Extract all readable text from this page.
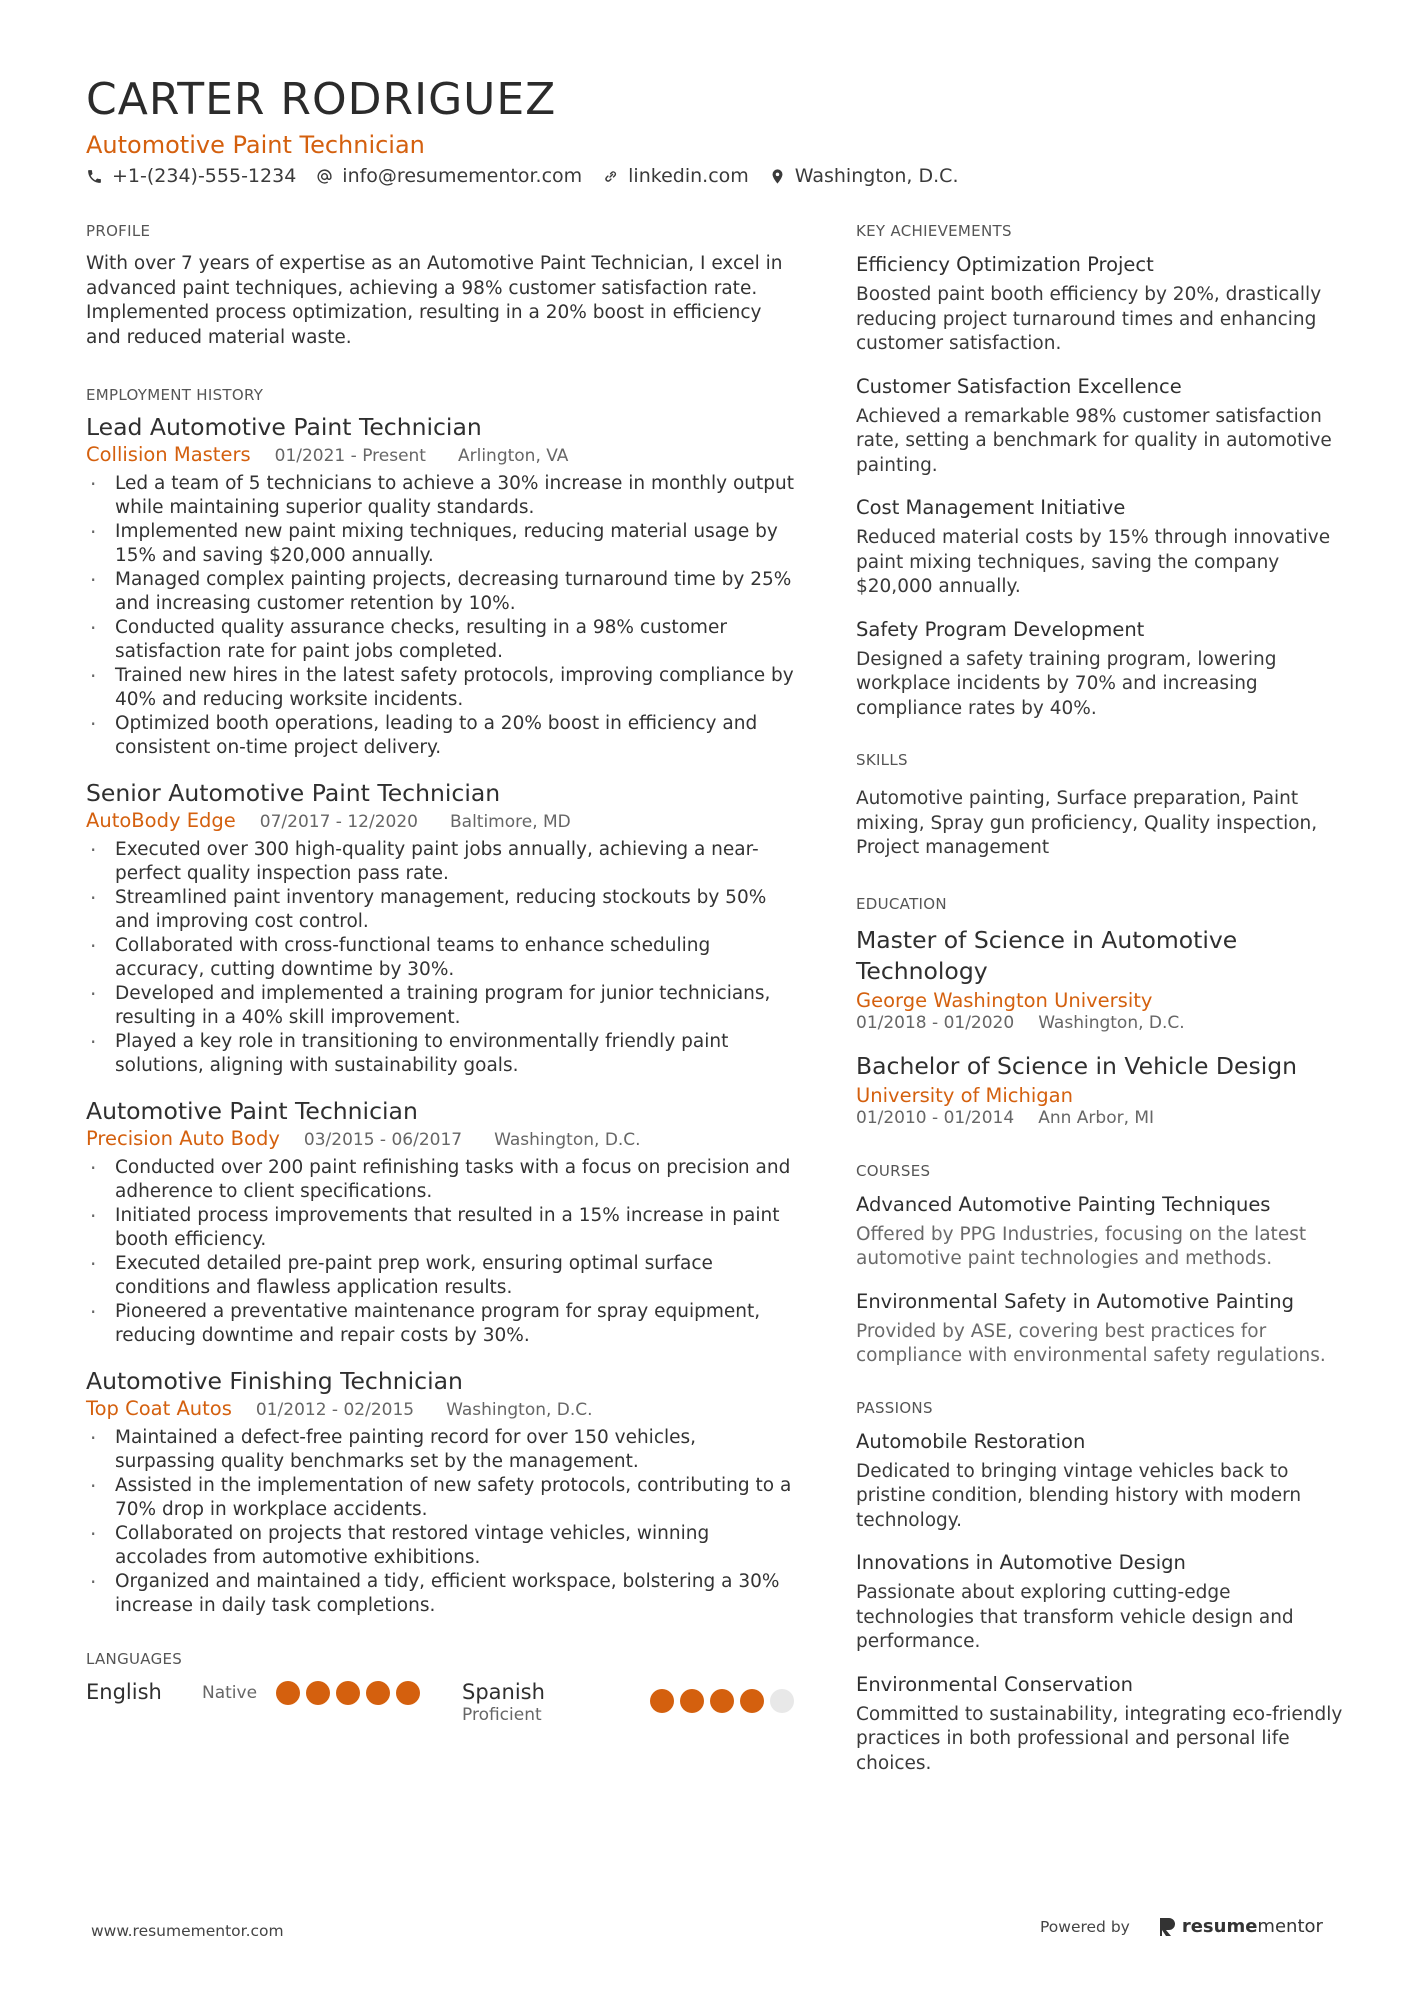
CARTER RODRIGUEZ
Automotive Paint Technician
+1-(234)-555-1234 info@resumementor.com linkedin.com Washington, D.C.
PROFILE
With over 7 years of expertise as an Automotive Paint Technician, I excel in advanced paint techniques, achieving a 98% customer satisfaction rate. Implemented process optimization, resulting in a 20% boost in efficiency and reduced material waste.
EMPLOYMENT HISTORY
Lead Automotive Paint Technician
Collision Masters 01/2021 - Present Arlington, VA
· Led a team of 5 technicians to achieve a 30% increase in monthly output while maintaining superior quality standards.
· Implemented new paint mixing techniques, reducing material usage by 15% and saving $20,000 annually.
· Managed complex painting projects, decreasing turnaround time by 25% and increasing customer retention by 10%.
· Conducted quality assurance checks, resulting in a 98% customer satisfaction rate for paint jobs completed.
· Trained new hires in the latest safety protocols, improving compliance by 40% and reducing worksite incidents.
· Optimized booth operations, leading to a 20% boost in efficiency and consistent on-time project delivery.
Senior Automotive Paint Technician
AutoBody Edge 07/2017 - 12/2020 Baltimore, MD
· Executed over 300 high-quality paint jobs annually, achieving a near-perfect quality inspection pass rate.
· Streamlined paint inventory management, reducing stockouts by 50% and improving cost control.
· Collaborated with cross-functional teams to enhance scheduling accuracy, cutting downtime by 30%.
· Developed and implemented a training program for junior technicians, resulting in a 40% skill improvement.
· Played a key role in transitioning to environmentally friendly paint solutions, aligning with sustainability goals.
Automotive Paint Technician
Precision Auto Body 03/2015 - 06/2017 Washington, D.C.
· Conducted over 200 paint refinishing tasks with a focus on precision and adherence to client specifications.
· Initiated process improvements that resulted in a 15% increase in paint booth efficiency.
· Executed detailed pre-paint prep work, ensuring optimal surface conditions and flawless application results.
· Pioneered a preventative maintenance program for spray equipment, reducing downtime and repair costs by 30%.
Automotive Finishing Technician
Top Coat Autos 01/2012 - 02/2015 Washington, D.C.
· Maintained a defect-free painting record for over 150 vehicles, surpassing quality benchmarks set by the management.
· Assisted in the implementation of new safety protocols, contributing to a 70% drop in workplace accidents.
· Collaborated on projects that restored vintage vehicles, winning accolades from automotive exhibitions.
· Organized and maintained a tidy, efficient workspace, bolstering a 30% increase in daily task completions.
LANGUAGES
English	Native	Spanish
Proficient
KEY ACHIEVEMENTS
Efficiency Optimization Project
Boosted paint booth efficiency by 20%, drastically reducing project turnaround times and enhancing customer satisfaction.
Customer Satisfaction Excellence
Achieved a remarkable 98% customer satisfaction rate, setting a benchmark for quality in automotive painting.
Cost Management Initiative
Reduced material costs by 15% through innovative paint mixing techniques, saving the company $20,000 annually.
Safety Program Development
Designed a safety training program, lowering workplace incidents by 70% and increasing compliance rates by 40%.
SKILLS
Automotive painting, Surface preparation, Paint mixing, Spray gun proficiency, Quality inspection, Project management
EDUCATION
Master of Science in Automotive Technology
George Washington University
01/2018 - 01/2020 Washington, D.C.
Bachelor of Science in Vehicle Design
University of Michigan
01/2010 - 01/2014 Ann Arbor, MI
COURSES
Advanced Automotive Painting Techniques
Offered by PPG Industries, focusing on the latest automotive paint technologies and methods.
Environmental Safety in Automotive Painting
Provided by ASE, covering best practices for compliance with environmental safety regulations.
PASSIONS
Automobile Restoration
Dedicated to bringing vintage vehicles back to pristine condition, blending history with modern technology.
Innovations in Automotive Design
Passionate about exploring cutting-edge technologies that transform vehicle design and performance.
Environmental Conservation
Committed to sustainability, integrating eco-friendly practices in both professional and personal life choices.
www.resumementor.com	Powered by	resume mentor
